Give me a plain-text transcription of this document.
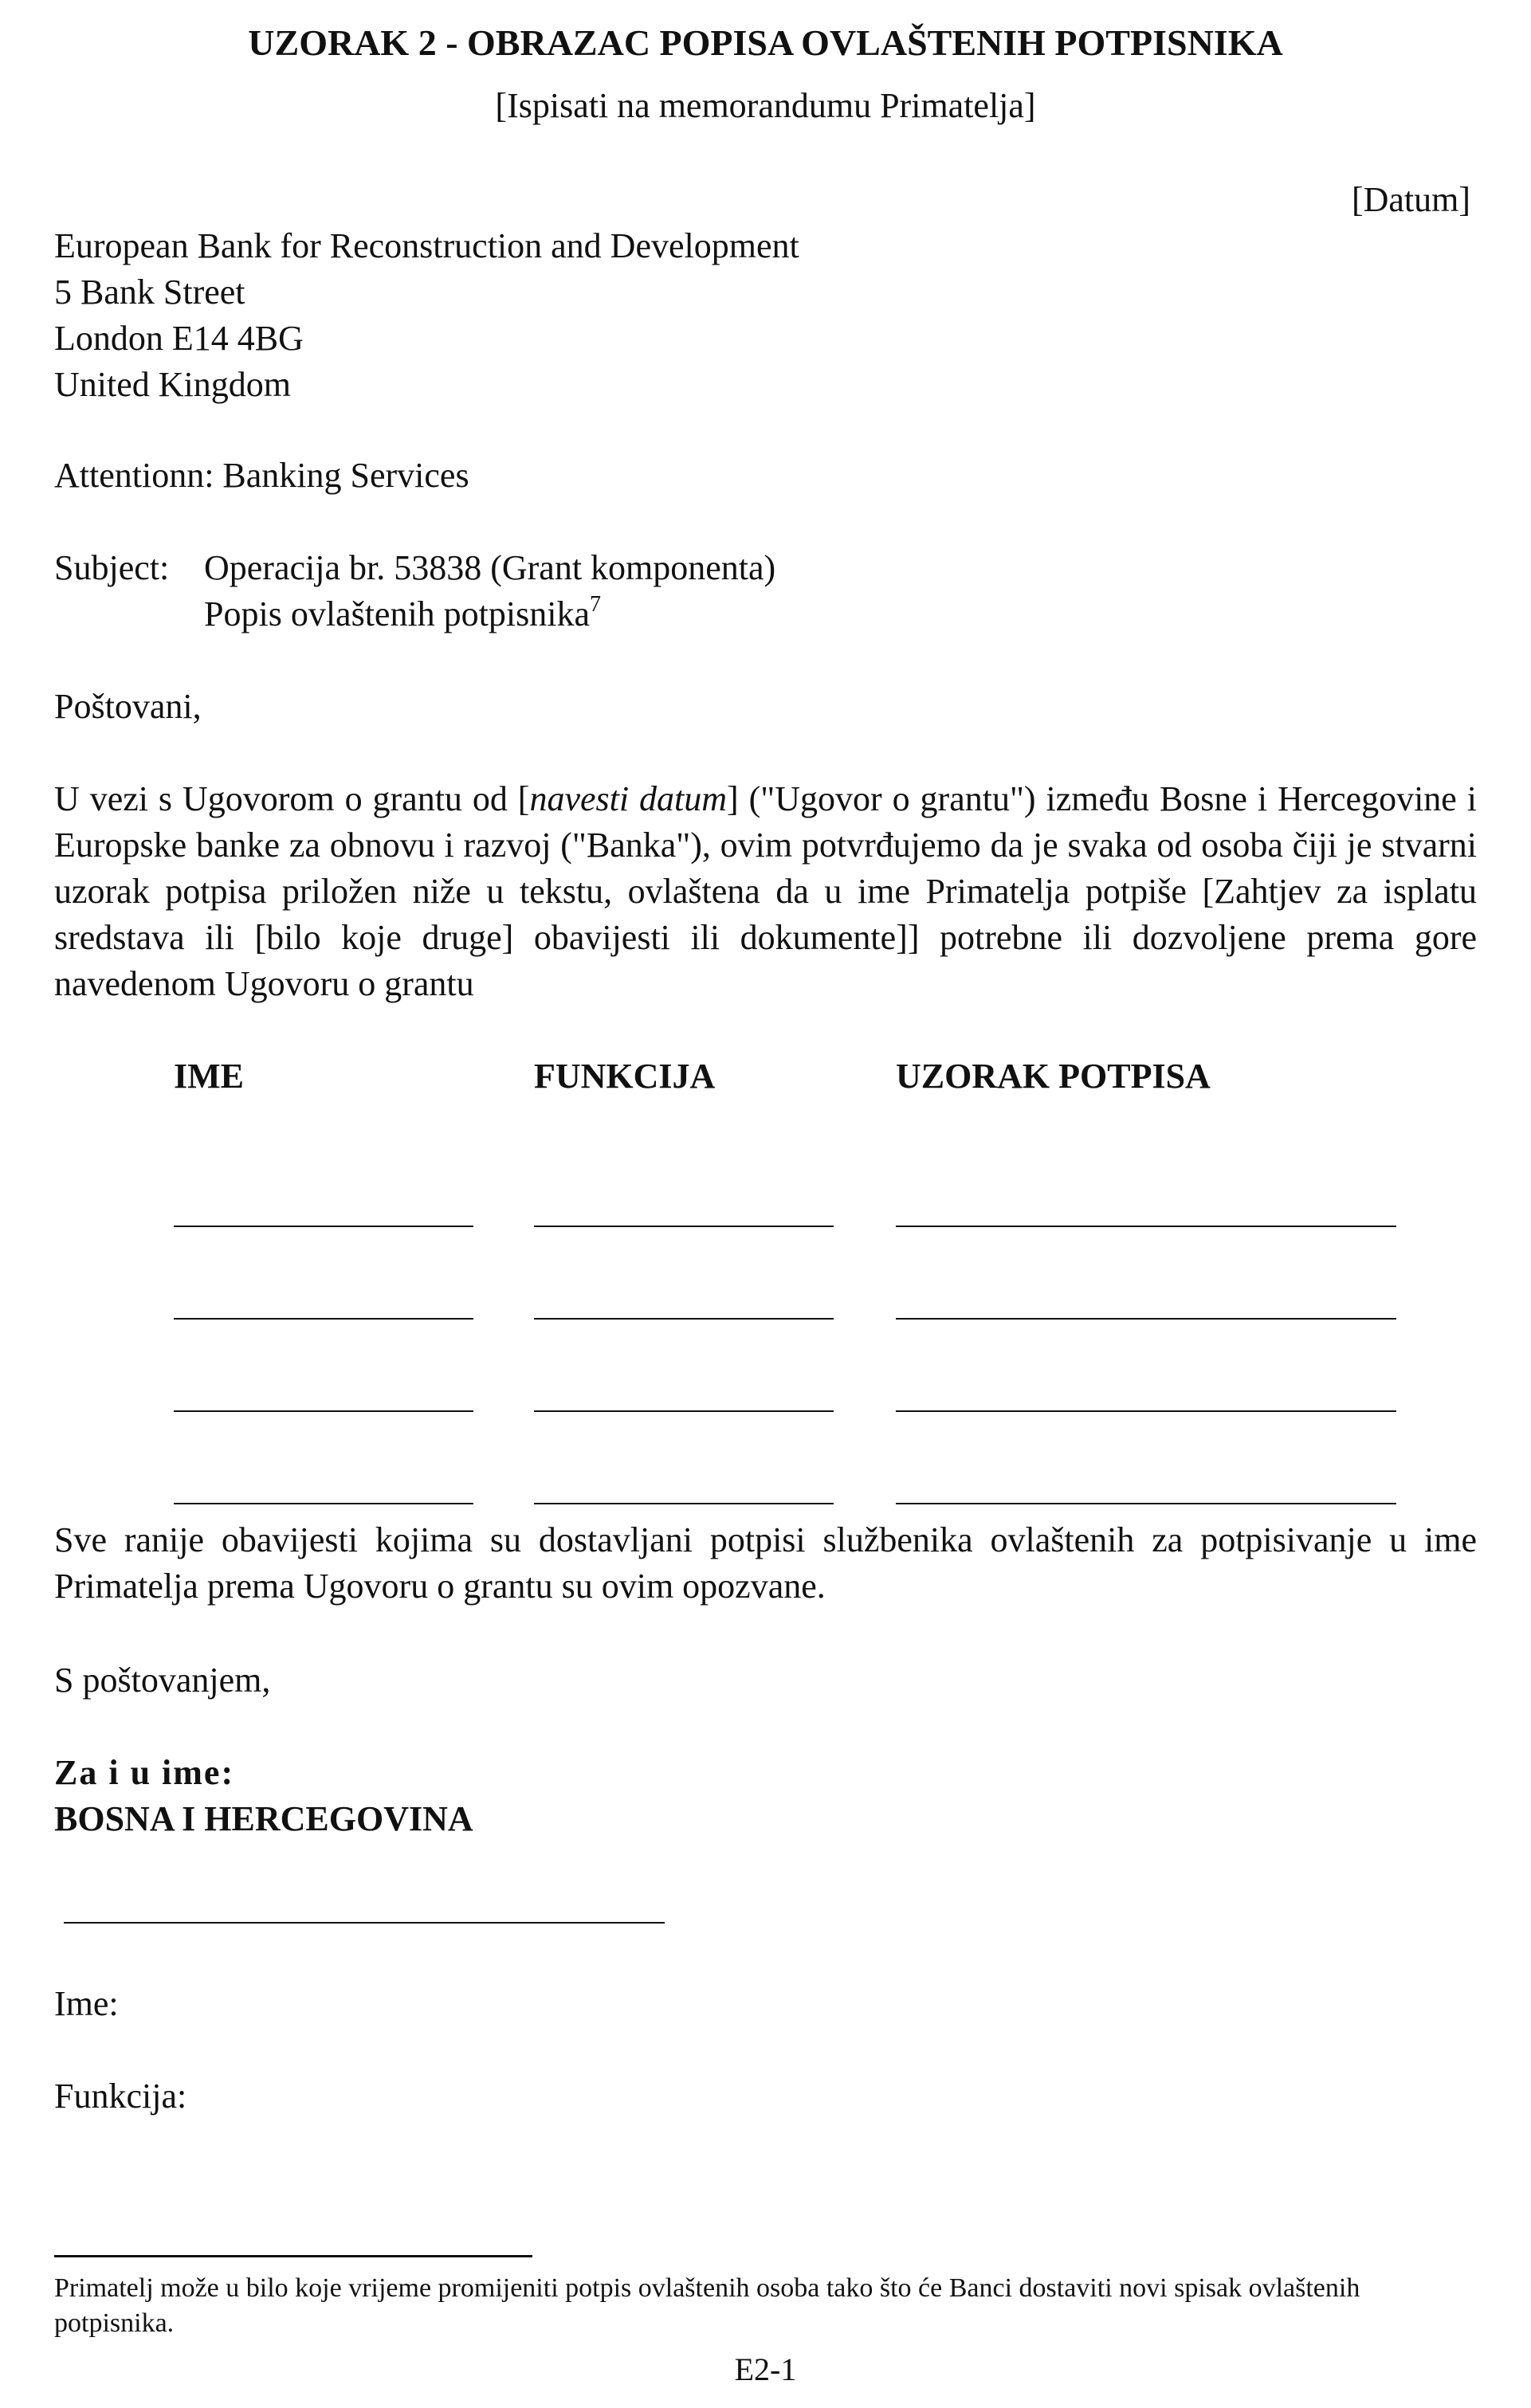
UZORAK 2 - OBRAZAC POPISA OVLAŠTENIH POTPISNIKA
[Ispisati na memorandumu Primatelja]
[Datum]
European Bank for Reconstruction and Development
5 Bank Street
London E14 4BG
United Kingdom
Attentionn: Banking Services
Subject: Operacija br. 53838 (Grant komponenta)
Popis ovlaštenih potpisnika$^7$
Poštovani,
U vezi s Ugovorom o grantu od [navesti datum] ("Ugovor o grantu") između Bosne i Hercegovine i Europske banke za obnovu i razvoj ("Banka"), ovim potvrđujemo da je svaka od osoba čiji je stvarni uzorak potpisa priložen niže u tekstu, ovlaštena da u ime Primatelja potpiše [Zahtjev za isplatu sredstava ili [bilo koje druge] obavijesti ili dokumente]] potrebne ili dozvoljene prema gore navedenom Ugovoru o grantu
IME	FUNKCIJA	UZORAK POTPISA
Sve ranije obavijesti kojima su dostavljani potpisi službenika ovlaštenih za potpisivanje u ime Primatelja prema Ugovoru o grantu su ovim opozvane.
S poštovanjem,
Za i u ime:
BOSNA I HERCEGOVINA
Ime:
Funkcija:
Primatelj može u bilo koje vrijeme promijeniti potpis ovlaštenih osoba tako što će Banci dostaviti novi spisak ovlaštenih potpisnika.
E2-1
